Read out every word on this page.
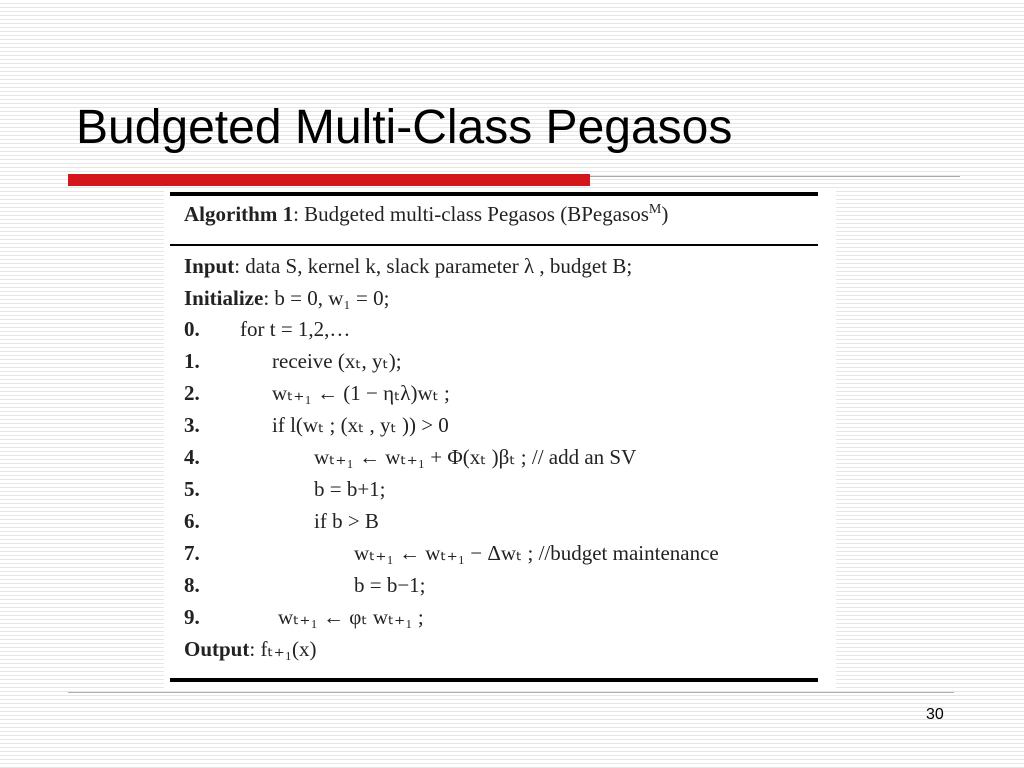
Budgeted Multi-Class Pegasos
Algorithm 1: Budgeted multi-class Pegasos (BPegasos$^M$)
Input: data S, kernel k, slack parameter λ , budget B;
Initialize: b = 0, w₁ = 0;
0. for t = 1,2,…
1.	receive (xₜ, yₜ);
2.	wₜ₊₁ ← (1 − ηₜλ)wₜ ;
3.	if l(wₜ ; (xₜ , yₜ )) > 0
4.	wₜ₊₁ ← wₜ₊₁ + Φ(xₜ )βₜ ; // add an SV
5.	b = b+1;
6.	if b > B
7.	wₜ₊₁ ← wₜ₊₁ − Δwₜ ; //budget maintenance
8.	b = b−1;
9.	wₜ₊₁ ← φₜ wₜ₊₁ ;
Output: fₜ₊₁(x)
30
